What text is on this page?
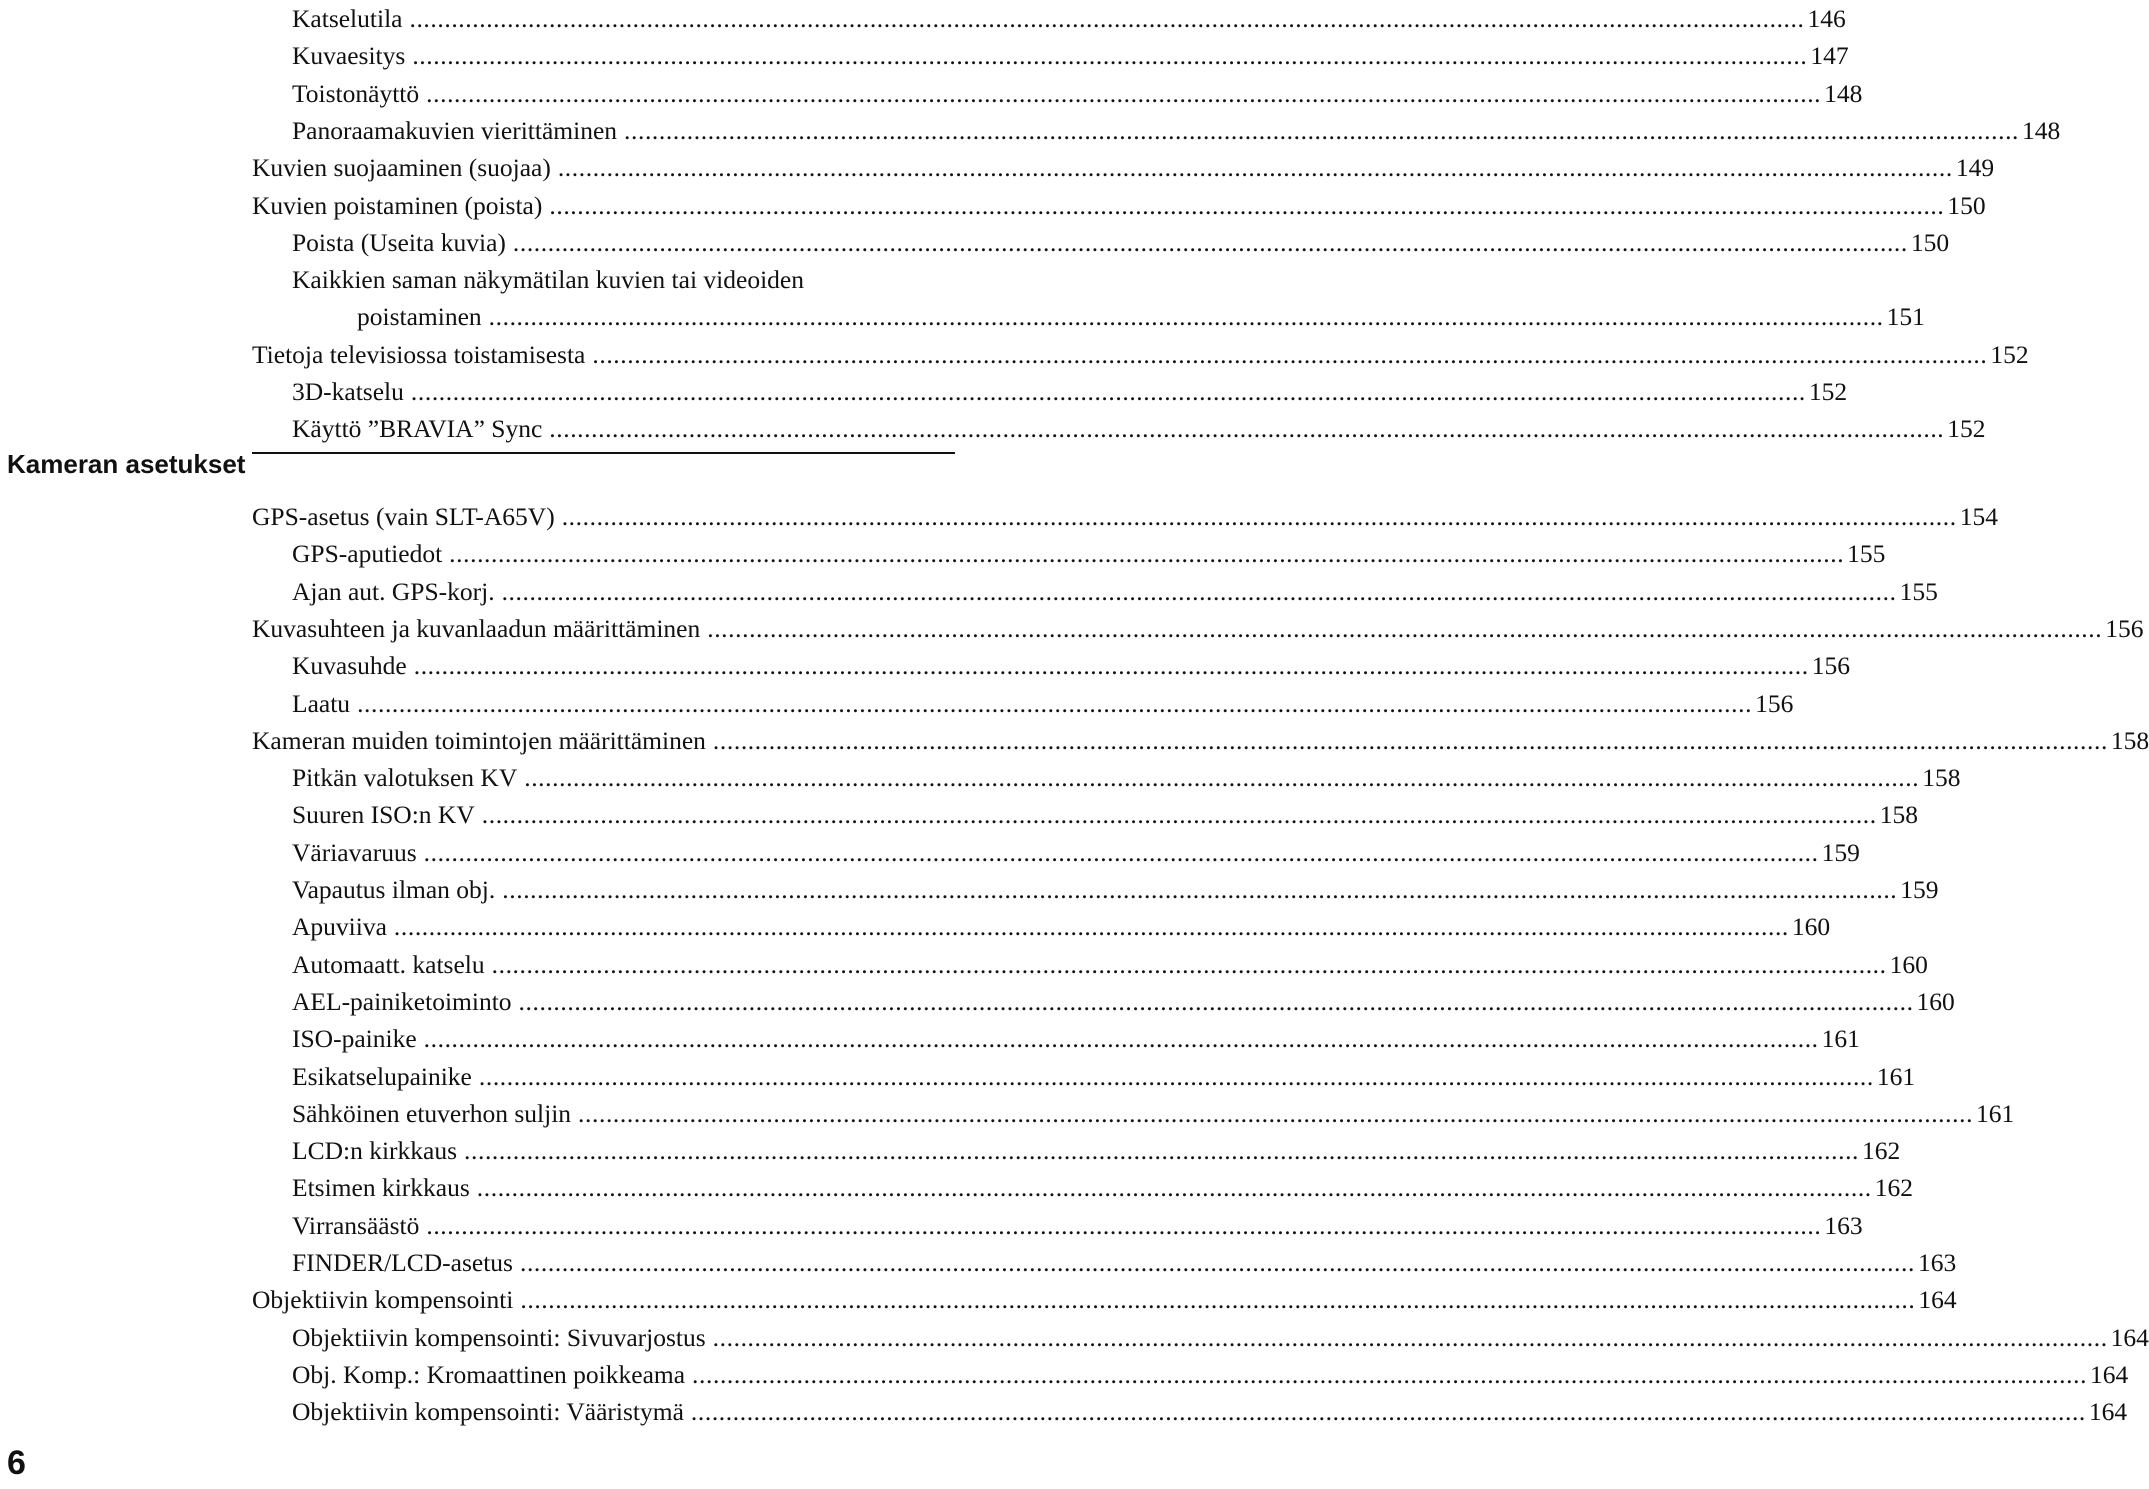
Katselutila ........................................................................................................................................................................................................ 146
Kuvaesitys ........................................................................................................................................................................................................ 147
Toistonäyttö ........................................................................................................................................................................................................ 148
Panoraamakuvien vierittäminen ........................................................................................................................................................................................................ 148
Kuvien suojaaminen (suojaa) ........................................................................................................................................................................................................ 149
Kuvien poistaminen (poista) ........................................................................................................................................................................................................ 150
Poista (Useita kuvia) ........................................................................................................................................................................................................ 150
Kaikkien saman näkymätilan kuvien tai videoiden
poistaminen ........................................................................................................................................................................................................ 151
Tietoja televisiossa toistamisesta ........................................................................................................................................................................................................ 152
3D-katselu ........................................................................................................................................................................................................ 152
Käyttö ”BRAVIA” Sync ........................................................................................................................................................................................................ 152
Kameran asetukset
GPS-asetus (vain SLT-A65V) ........................................................................................................................................................................................................ 154
GPS-aputiedot ........................................................................................................................................................................................................ 155
Ajan aut. GPS-korj. ........................................................................................................................................................................................................ 155
Kuvasuhteen ja kuvanlaadun määrittäminen ........................................................................................................................................................................................................ 156
Kuvasuhde ........................................................................................................................................................................................................ 156
Laatu ........................................................................................................................................................................................................ 156
Kameran muiden toimintojen määrittäminen ........................................................................................................................................................................................................ 158
Pitkän valotuksen KV ........................................................................................................................................................................................................ 158
Suuren ISO:n KV ........................................................................................................................................................................................................ 158
Väriavaruus ........................................................................................................................................................................................................ 159
Vapautus ilman obj. ........................................................................................................................................................................................................ 159
Apuviiva ........................................................................................................................................................................................................ 160
Automaatt. katselu ........................................................................................................................................................................................................ 160
AEL-painiketoiminto ........................................................................................................................................................................................................ 160
ISO-painike ........................................................................................................................................................................................................ 161
Esikatselupainike ........................................................................................................................................................................................................ 161
Sähköinen etuverhon suljin ........................................................................................................................................................................................................ 161
LCD:n kirkkaus ........................................................................................................................................................................................................ 162
Etsimen kirkkaus ........................................................................................................................................................................................................ 162
Virransäästö ........................................................................................................................................................................................................ 163
FINDER/LCD-asetus ........................................................................................................................................................................................................ 163
Objektiivin kompensointi ........................................................................................................................................................................................................ 164
Objektiivin kompensointi: Sivuvarjostus ........................................................................................................................................................................................................ 164
Obj. Komp.: Kromaattinen poikkeama ........................................................................................................................................................................................................ 164
Objektiivin kompensointi: Vääristymä ........................................................................................................................................................................................................ 164
6
